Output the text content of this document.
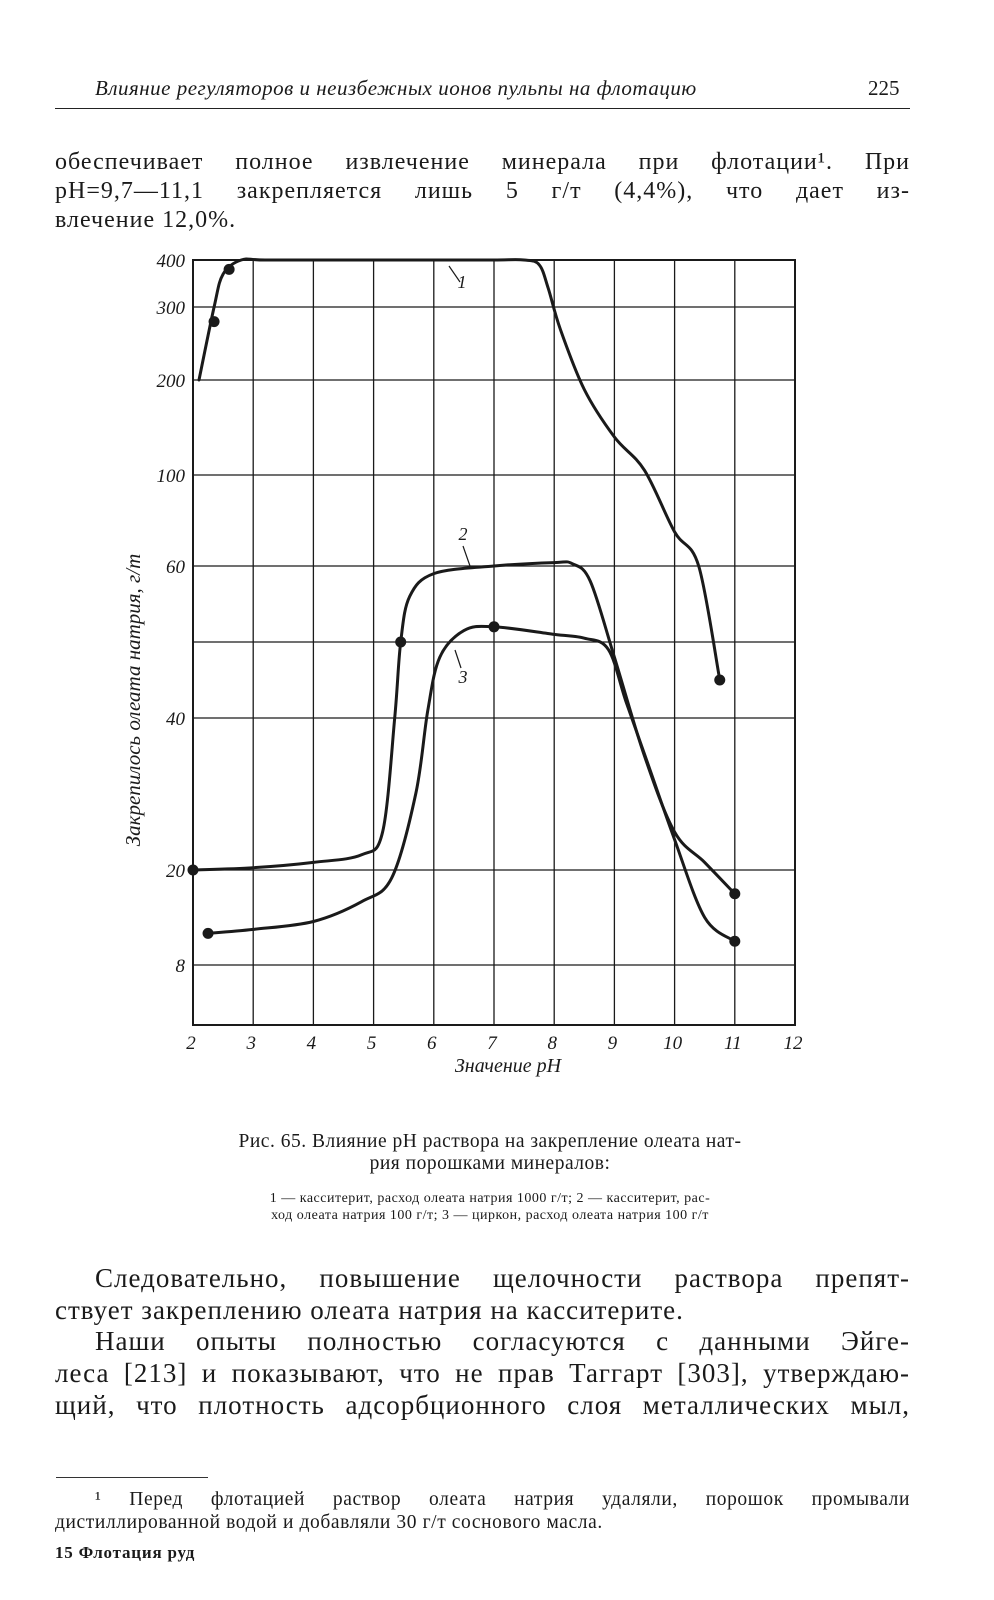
Влияние регуляторов и неизбежных ионов пульпы на флотацию	225
обеспечивает полное извлечение минерала при флотации¹. При
pH=9,7—11,1 закрепляется лишь 5 г/т (4,4%), что дает из-
влечение 12,0%.
8
20
40
60
100
200
300
400
2	3	4	5	6	7	8	9 10 11 12
1
2
3
Значение pH
Закрепилось олеата натрия, г/т
Рис. 65. Влияние pH раствора на закрепление олеата нат-
рия порошками минералов:
1 — касситерит, расход олеата натрия 1000 г/т; 2 — касситерит, рас-
ход олеата натрия 100 г/т; 3 — циркон, расход олеата натрия 100 г/т
Следовательно, повышение щелочности раствора препят-
ствует закреплению олеата натрия на касситерите.
Наши опыты полностью согласуются с данными Эйге-
леса [213] и показывают, что не прав Таггарт [303], утверждаю-
щий, что плотность адсорбционного слоя металлических мыл,
¹ Перед флотацией раствор олеата натрия удаляли, порошок промывали
дистиллированной водой и добавляли 30 г/т соснового масла.
15 Флотация руд
